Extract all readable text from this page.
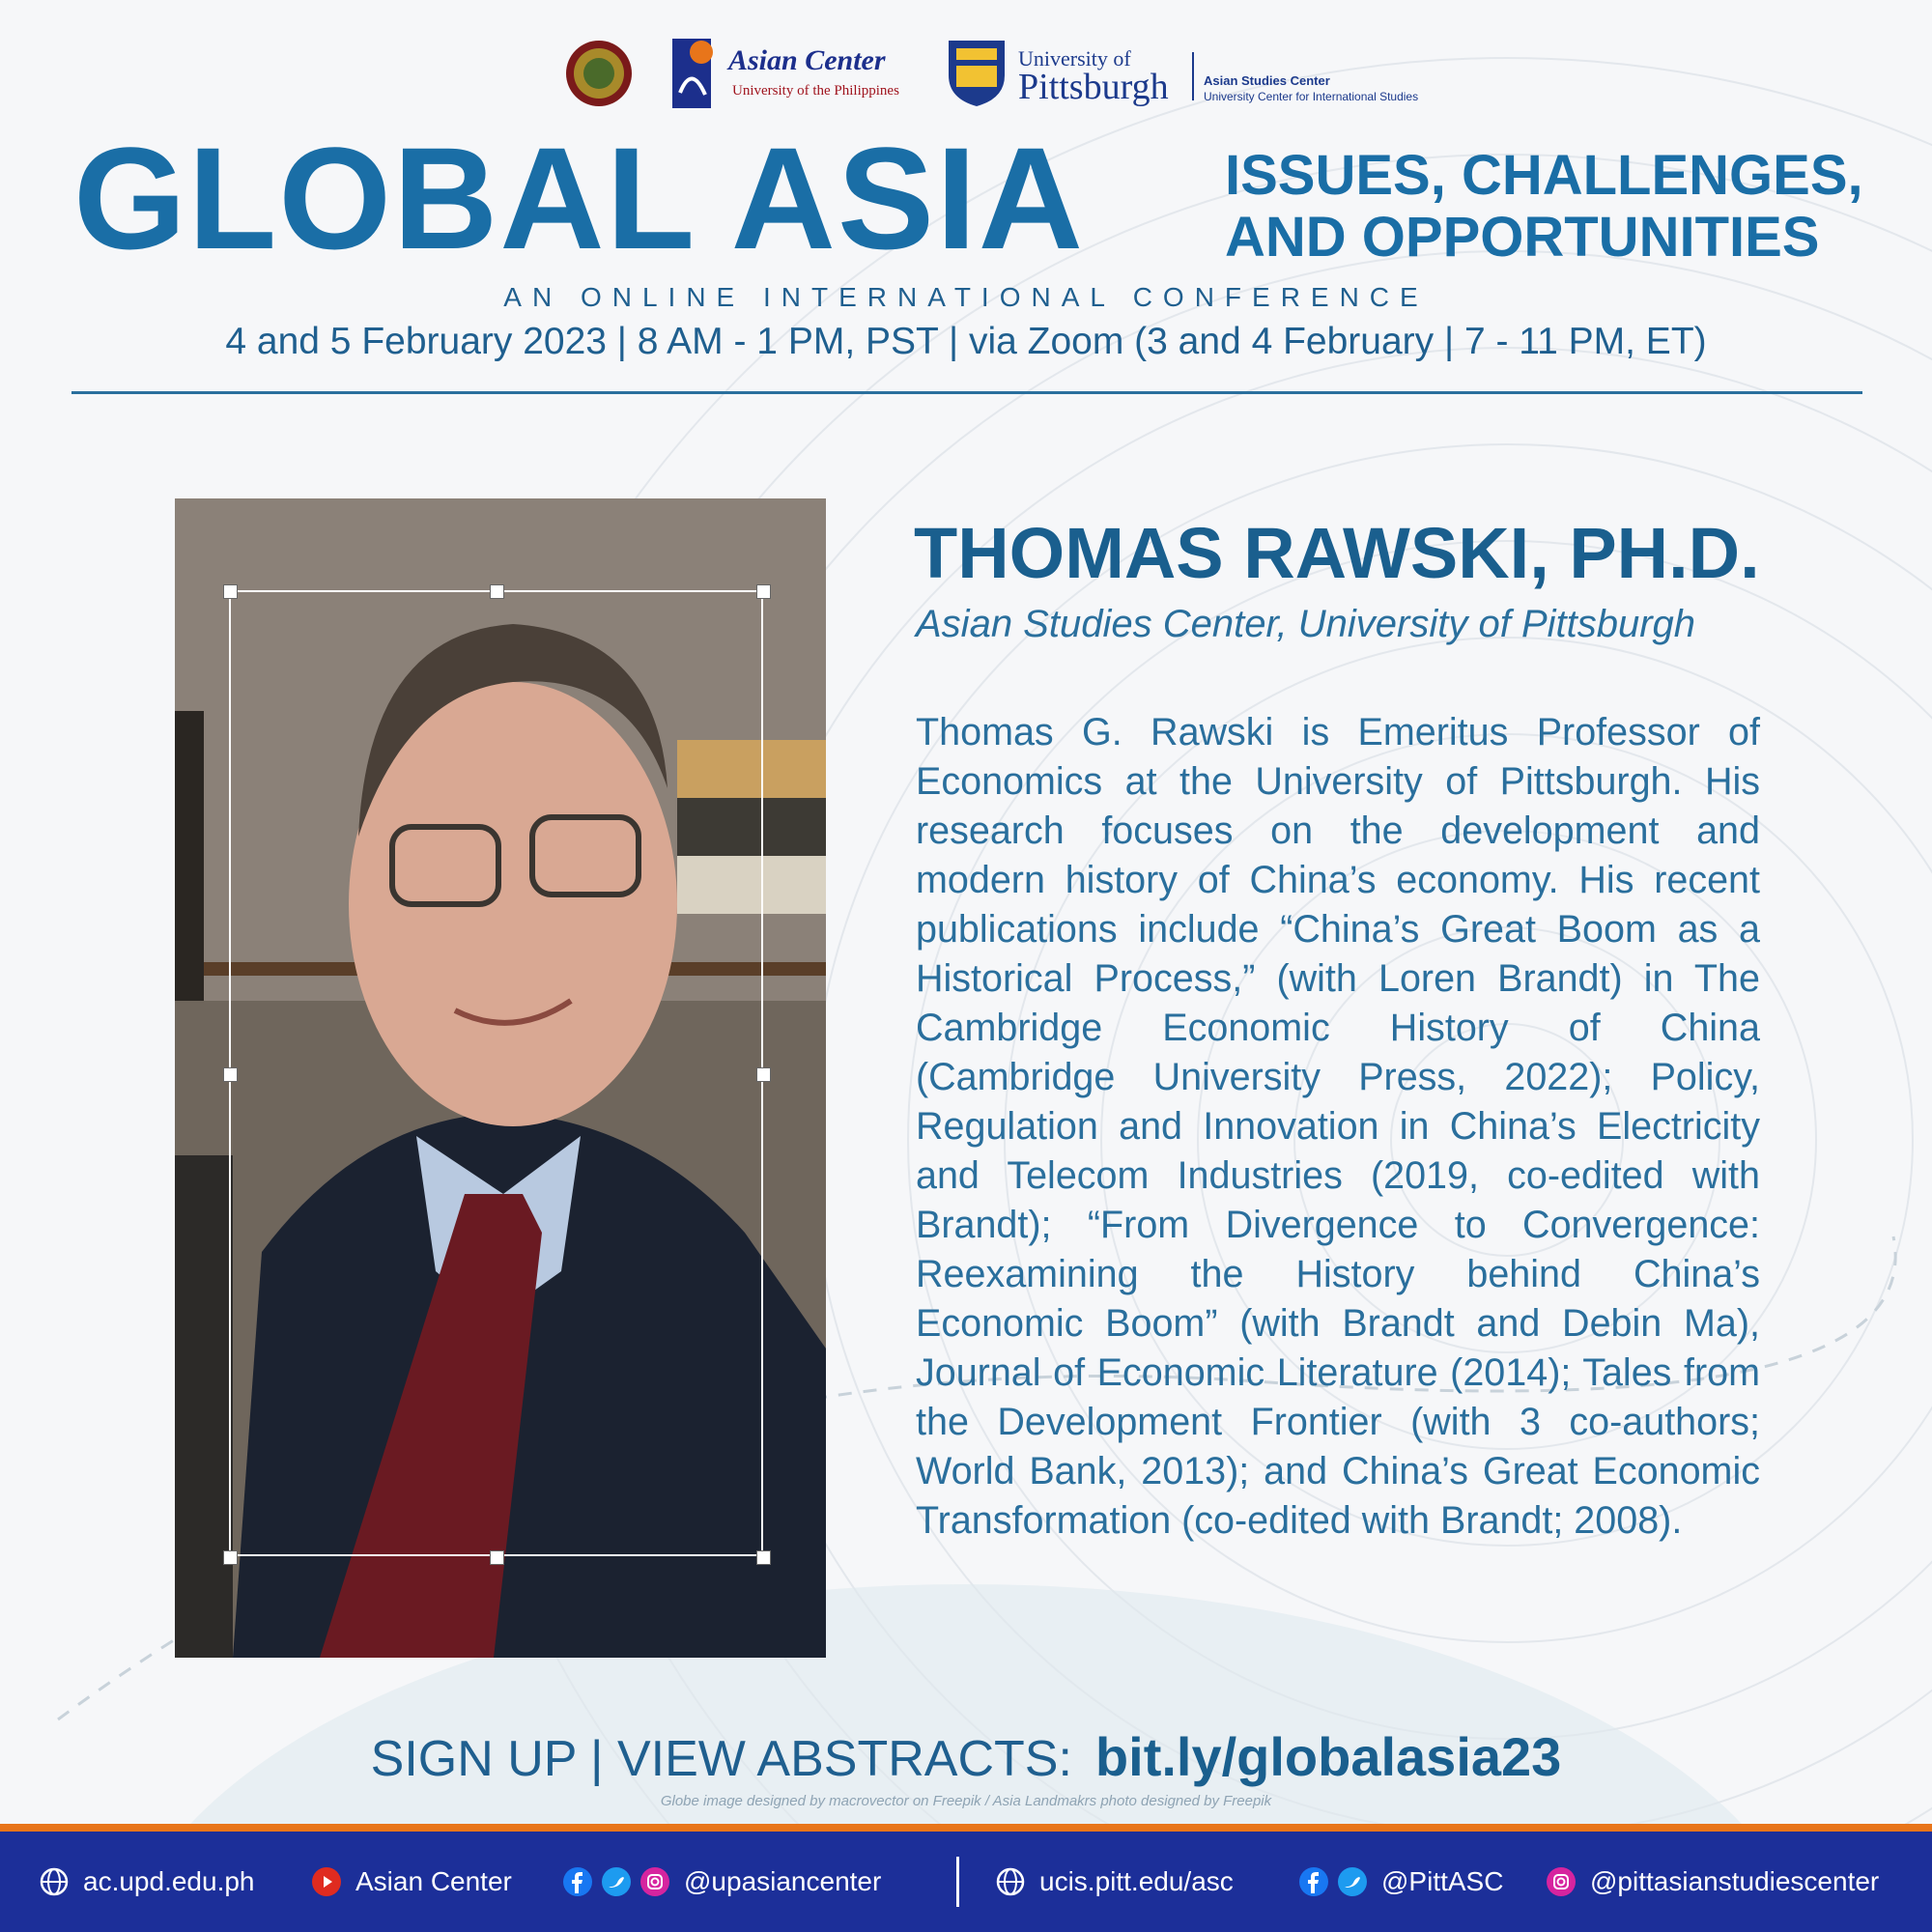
Asian Center
University of the Philippines
University of
Pittsburgh	Asian Studies Center
University Center for International Studies
GLOBAL ASIA ISSUES, CHALLENGES,
AND OPPORTUNITIES
AN ONLINE INTERNATIONAL CONFERENCE
4 and 5 February 2023 | 8 AM - 1 PM, PST | via Zoom (3 and 4 February | 7 - 11 PM, ET)
THOMAS RAWSKI, PH.D.
Asian Studies Center, University of Pittsburgh
Thomas G. Rawski is Emeritus Professor of Economics at the University of Pittsburgh. His research focuses on the development and modern history of China’s economy. His recent publications include “China’s Great Boom as a Historical Process,” (with Loren Brandt) in The Cambridge Economic History of China (Cambridge University Press, 2022); Policy, Regulation and Innovation in China’s Electricity and Telecom Industries (2019, co-edited with Brandt); “From Divergence to Convergence: Reexamining the History behind China’s Economic Boom” (with Brandt and Debin Ma), Journal of Economic Literature (2014); Tales from the Development Frontier (with 3 co-authors; World Bank, 2013); and China’s Great Economic Transformation (co-edited with Brandt; 2008).
SIGN UP | VIEW ABSTRACTS: bit.ly/globalasia23
Globe image designed by macrovector on Freepik / Asia Landmakrs photo designed by Freepik
ac.upd.edu.ph	Asian Center	@upasiancenter	ucis.pitt.edu/asc	@PittASC	@pittasianstudiescenter
